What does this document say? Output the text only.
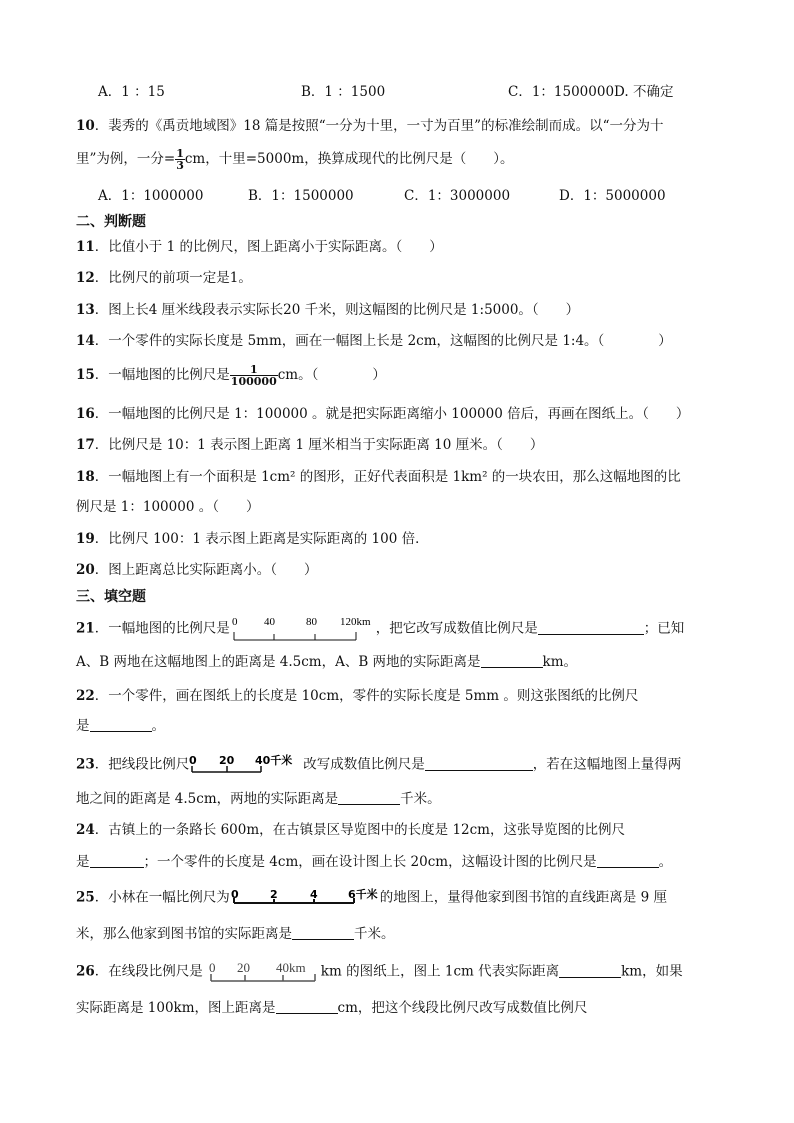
A．1 ：15	B．1 ：1500	C．1：1500000D. 不确定
10．裴秀的《禹贡地域图》18 篇是按照“一分为十里，一寸为百里”的标准绘制而成。以“一分为十
里”为例，一分= $\frac{1}{3}$ cm，十里=5000m，换算成现代的比例尺是（　　）。
A．1：1000000	B．1：1500000	C．1：3000000	D．1：5000000
二、判断题
11．比值小于 1 的比例尺，图上距离小于实际距离。（　　）
12．比例尺的前项一定是1。
13．图上长4 厘米线段表示实际长20 千米，则这幅图的比例尺是 1:5000。（　　）
14．一个零件的实际长度是 5mm，画在一幅图上长是 2cm，这幅图的比例尺是 1:4。（　　　　）
15．一幅地图的比例尺是 $\frac{1}{100000}$ cm。（　　　　）
16．一幅地图的比例尺是 1：100000 。就是把实际距离缩小 100000 倍后，再画在图纸上。（　　）
17．比例尺是 10：1 表示图上距离 1 厘米相当于实际距离 10 厘米。（　　）
18．一幅地图上有一个面积是 1cm² 的图形，正好代表面积是 1km² 的一块农田，那么这幅地图的比
例尺是 1：100000 。（　　）
19．比例尺 100：1 表示图上距离是实际距离的 100 倍．
20．图上距离总比实际距离小。（　　）
三、填空题
21．一幅地图的比例尺是 0 40	80 120km ，把它改写成数值比例尺是	；已知
A、B 两地在这幅地图上的距离是 4.5cm，A、B 两地的实际距离是	km。
22．一个零件，画在图纸上的长度是 10cm，零件的实际长度是 5mm 。则这张图纸的比例尺
是	。
23．把线段比例尺 0 20 40千米 改写成数值比例尺是	，若在这幅地图上量得两
地之间的距离是 4.5cm，两地的实际距离是	千米。
24．古镇上的一条路长 600m，在古镇景区导览图中的长度是 12cm，这张导览图的比例尺
是	；一个零件的长度是 4cm，画在设计图上长 20cm，这幅设计图的比例尺是	。
25．小林在一幅比例尺为 0	2	4	6千米 的地图上，量得他家到图书馆的直线距离是 9 厘
米，那么他家到图书馆的实际距离是	千米。
26．在线段比例尺是 0 20 40km km 的图纸上，图上 1cm 代表实际距离	km，如果
实际距离是 100km，图上距离是	cm，把这个线段比例尺改写成数值比例尺
